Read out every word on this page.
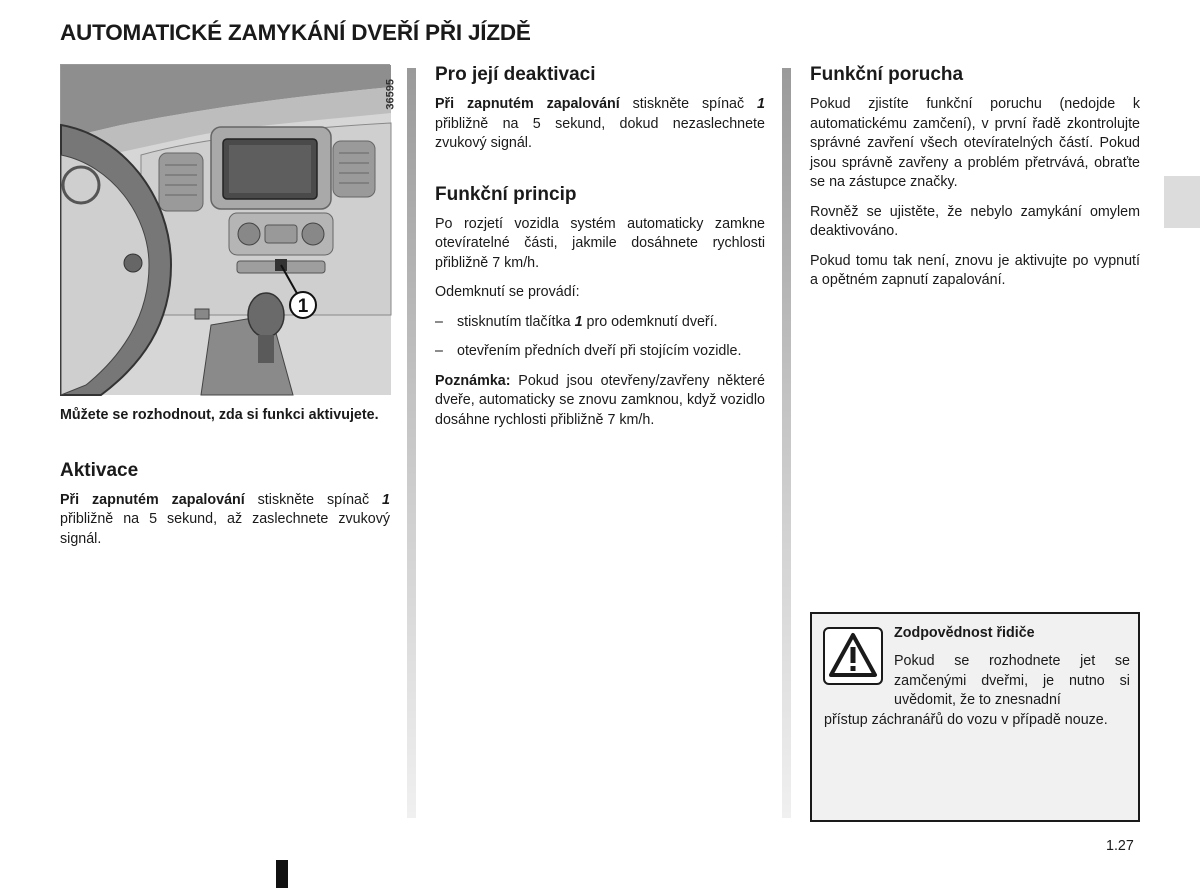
AUTOMATICKÉ ZAMYKÁNÍ DVEŘÍ PŘI JÍZDĚ
1
36595

Můžete se rozhodnout, zda si funkci aktivujete.

Aktivace

Při zapnutém zapalování stiskněte spínač 1 přibližně na 5 sekund, až zaslechnete zvukový signál.

Pro její deaktivaci

Při zapnutém zapalování stiskněte spínač 1 přibližně na 5 sekund, dokud nezaslechnete zvukový signál.

Funkční princip

Po rozjetí vozidla systém automaticky zamkne otevíratelné části, jakmile dosáhnete rychlosti přibližně 7 km/h.

Odemknutí se provádí:

– stisknutím tlačítka 1 pro odemknutí dveří.

– otevřením předních dveří při stojícím vozidle.

Poznámka: Pokud jsou otevřeny/zavřeny některé dveře, automaticky se znovu zamknou, když vozidlo dosáhne rychlosti přibližně 7 km/h.

Funkční porucha

Pokud zjistíte funkční poruchu (nedojde k automatickému zamčení), v první řadě zkontrolujte správné zavření všech otevíratelných částí. Pokud jsou správně zavřeny a problém přetrvává, obraťte se na zástupce značky.

Rovněž se ujistěte, že nebylo zamykání omylem deaktivováno.

Pokud tomu tak není, znovu je aktivujte po vypnutí a opětném zapnutí zapalování.

Zodpovědnost řidiče
Pokud se rozhodnete jet se zamčenými dveřmi, je nutno si uvědomit, že to znesnadní
přístup záchranářů do vozu v případě nouze.
1.27
